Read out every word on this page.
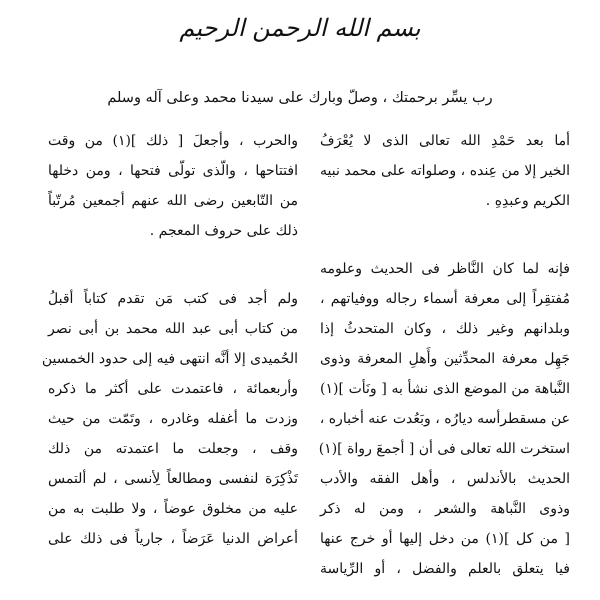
بسم الله الرحمن الرحيم
رب يسِّر برحمتك ، وصلّ وبارك على سيدنا محمد وعلى آله وسلم
أما بعد حَمْدِ الله تعالى الذى لا يُعْرَفُ
الخير إلا من عِنده ، وصلواته على محمد نبيه
الكريم وعبدِهِ .
فإنه لما كان النَّاظر فى الحديث وعلومه
مُفتقِراً إلى معرفة أسماء رجاله ووفياتهم ،
وبلدانهم وغير ذلك ، وكان المتحدثُ إذا
جَهِل معرفة المحدِّثين وأَهلِ المعرفة وذوى
النَّباهة من الموضع الذى نشأ به [ ونَأت ](١)
عن مسقطرأسه ديارُه ، وبَعُدت عنه أخباره ،
استخرت الله تعالى فى أن [ أجمعَ رواة ](١)
الحديث بالأندلس ، وأهل الفقه والأدب
وذوى النَّباهة والشعر ، ومن له ذكر
[ من كل ](١) من دخل إليها أو خرج عنها
فيا يتعلق بالعلم والفضل ، أو الرِّياسة
والحرب ، وأجعلَ [ ذلك ](١) من وقت
افتتاحها ، والّذى تولّى فتحها ، ومن دخلها
من التّابعين رضى الله عنهم أجمعين مُرتّباً
ذلك على حروف المعجم .
ولم أجد فى كتب مَن تقدم كتاباً أقبلُ
من كتاب أبى عبد الله محمد بن أبى نصر
الحُميدى إلا أنَّه انتهى فيه إلى حدود الخمسين
وأربعمائة ، فاعتمدت على أكثر ما ذكره
وزدت ما أغفله وغادره ، وتَمّت من حيث
وقف ، وجعلت ما اعتمدته من ذلك
تَذْكِرَة لنفسى ومطالعاً لِأنسى ، لم ألتمس
عليه من مخلوق عوضاً ، ولا طلبت به من
أعراض الدنيا عَرَضاً ، جارياً فى ذلك على
